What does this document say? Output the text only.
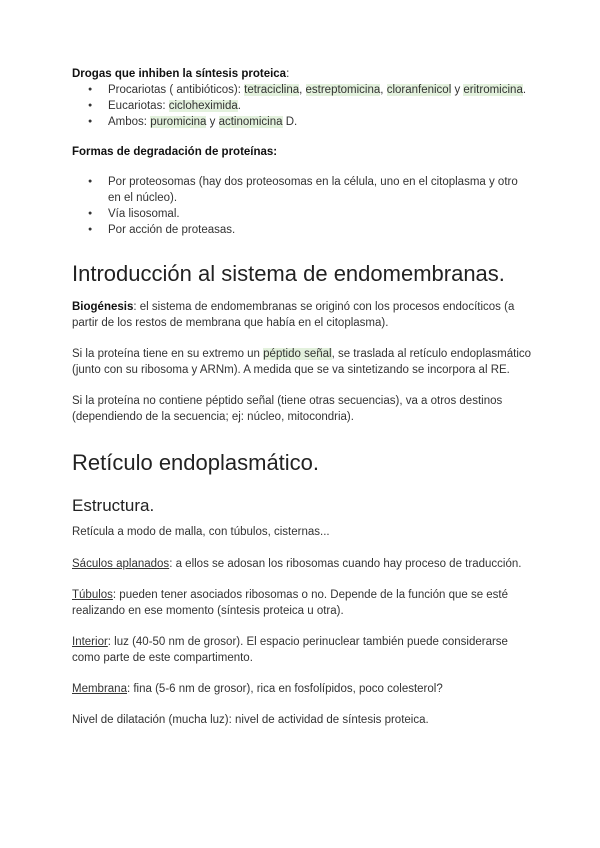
Drogas que inhiben la síntesis proteica:

● Procariotas ( antibióticos): tetraciclina, estreptomicina, cloranfenicol y eritromicina.
● Eucariotas: cicloheximida.
● Ambos: puromicina y actinomicina D.

Formas de degradación de proteínas:

● Por proteosomas (hay dos proteosomas en la célula, uno en el citoplasma y otro en el núcleo).
● Vía lisosomal.
● Por acción de proteasas.
Introducción al sistema de endomembranas.

Biogénesis: el sistema de endomembranas se originó con los procesos endocíticos (a partir de los restos de membrana que había en el citoplasma).

Si la proteína tiene en su extremo un péptido señal, se traslada al retículo endoplasmático (junto con su ribosoma y ARNm). A medida que se va sintetizando se incorpora al RE.

Si la proteína no contiene péptido señal (tiene otras secuencias), va a otros destinos (dependiendo de la secuencia; ej: núcleo, mitocondria).

Retículo endoplasmático.
Estructura.

Retícula a modo de malla, con túbulos, cisternas...

Sáculos aplanados: a ellos se adosan los ribosomas cuando hay proceso de traducción.

Túbulos: pueden tener asociados ribosomas o no. Depende de la función que se esté realizando en ese momento (síntesis proteica u otra).

Interior: luz (40-50 nm de grosor). El espacio perinuclear también puede considerarse como parte de este compartimento.

Membrana: fina (5-6 nm de grosor), rica en fosfolípidos, poco colesterol?

Nivel de dilatación (mucha luz): nivel de actividad de síntesis proteica.
